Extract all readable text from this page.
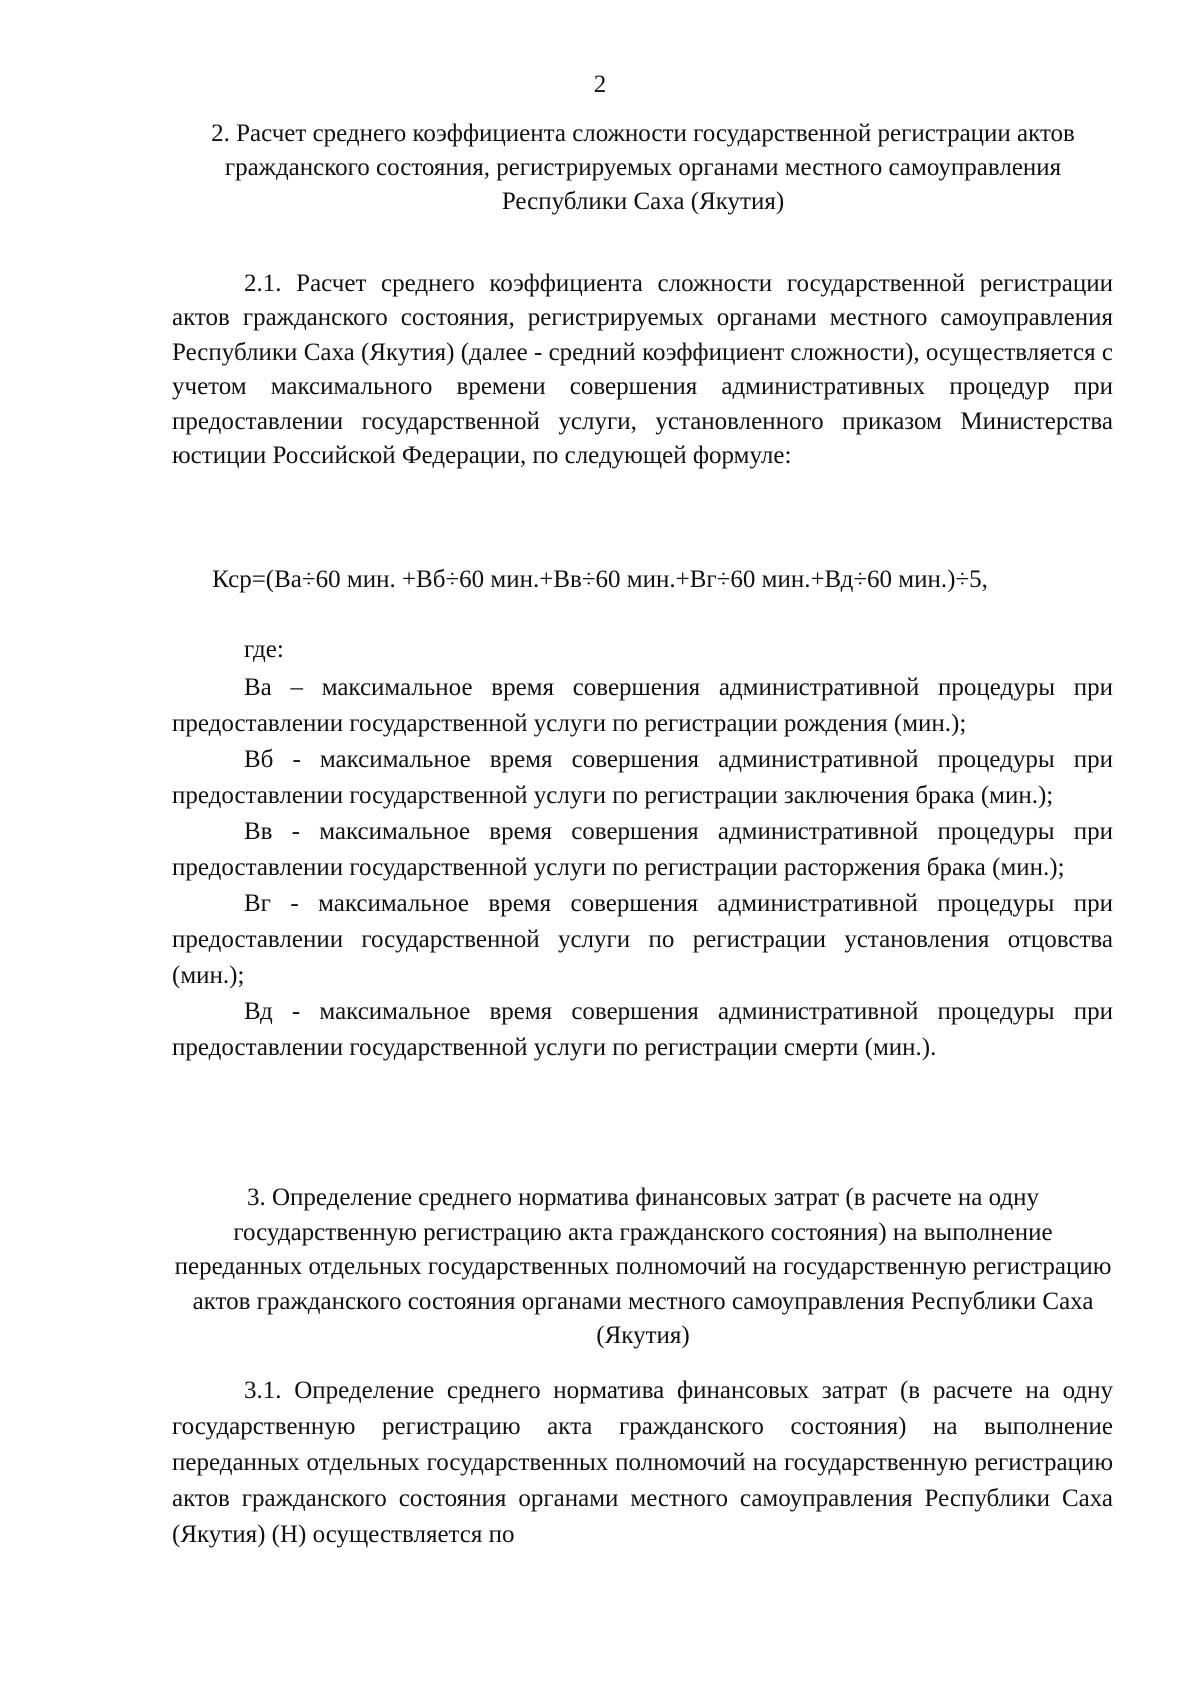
2
2. Расчет среднего коэффициента сложности государственной регистрации актов гражданского состояния, регистрируемых органами местного самоуправления Республики Саха (Якутия)
2.1. Расчет среднего коэффициента сложности государственной регистрации актов гражданского состояния, регистрируемых органами местного самоуправления Республики Саха (Якутия) (далее - средний коэффициент сложности), осуществляется с учетом максимального времени совершения административных процедур при предоставлении государственной услуги, установленного приказом Министерства юстиции Российской Федерации, по следующей формуле:
Кср=(Ва÷60 мин. +Вб÷60 мин.+Вв÷60 мин.+Вг÷60 мин.+Вд÷60 мин.)÷5,
где:

Ва – максимальное время совершения административной процедуры при предоставлении государственной услуги по регистрации рождения (мин.);

Вб - максимальное время совершения административной процедуры при предоставлении государственной услуги по регистрации заключения брака (мин.);

Вв - максимальное время совершения административной процедуры при предоставлении государственной услуги по регистрации расторжения брака (мин.);

Вг - максимальное время совершения административной процедуры при предоставлении государственной услуги по регистрации установления отцовства (мин.);

Вд - максимальное время совершения административной процедуры при предоставлении государственной услуги по регистрации смерти (мин.).

3. Определение среднего норматива финансовых затрат (в расчете на одну государственную регистрацию акта гражданского состояния) на выполнение переданных отдельных государственных полномочий на государственную регистрацию актов гражданского состояния органами местного самоуправления Республики Саха (Якутия)
3.1. Определение среднего норматива финансовых затрат (в расчете на одну государственную регистрацию акта гражданского состояния) на выполнение переданных отдельных государственных полномочий на государственную регистрацию актов гражданского состояния органами местного самоуправления Республики Саха (Якутия) (Н) осуществляется по
